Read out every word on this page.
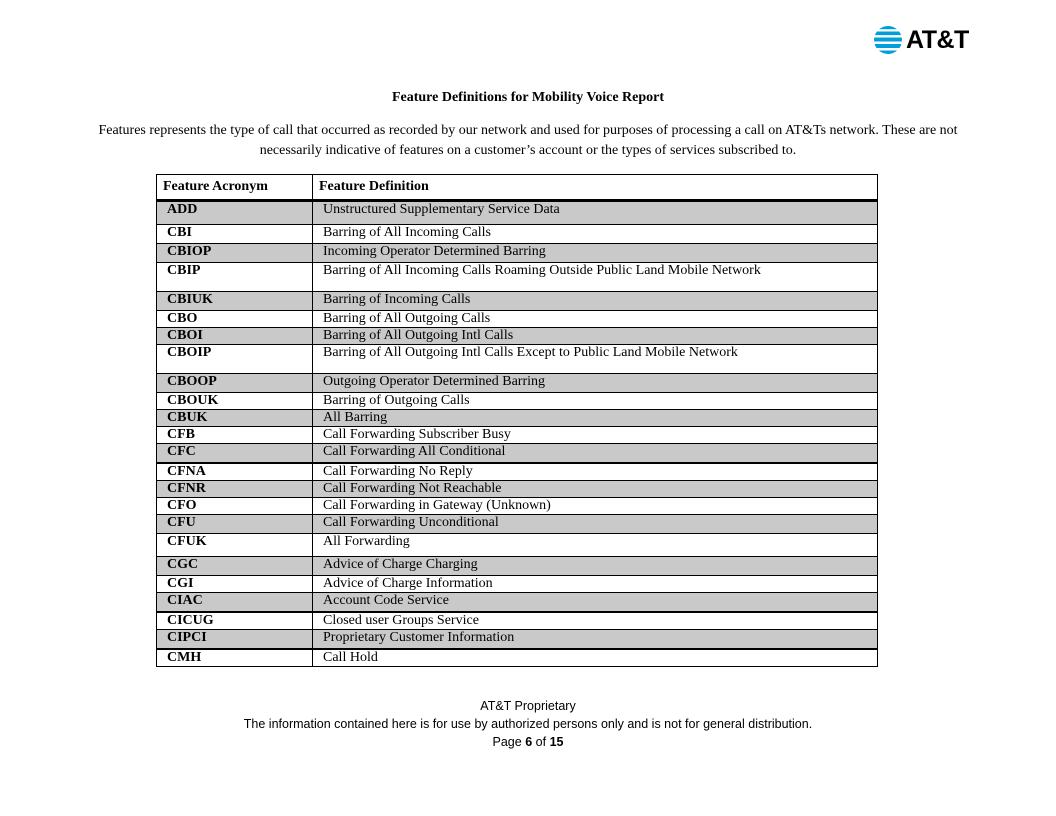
AT&T
Feature Definitions for Mobility Voice Report
Features represents the type of call that occurred as recorded by our network and used for purposes of processing a call on AT&Ts network. These are not necessarily indicative of features on a customer’s account or the types of services subscribed to.
Feature Acronym	Feature Definition
ADD	Unstructured Supplementary Service Data
CBI	Barring of All Incoming Calls
CBIOP	Incoming Operator Determined Barring
CBIP	Barring of All Incoming Calls Roaming Outside Public Land Mobile Network
CBIUK	Barring of Incoming Calls
CBO	Barring of All Outgoing Calls
CBOI	Barring of All Outgoing Intl Calls
CBOIP	Barring of All Outgoing Intl Calls Except to Public Land Mobile Network
CBOOP	Outgoing Operator Determined Barring
CBOUK	Barring of Outgoing Calls
CBUK	All Barring
CFB	Call Forwarding Subscriber Busy
CFC	Call Forwarding All Conditional
CFNA	Call Forwarding No Reply
CFNR	Call Forwarding Not Reachable
CFO	Call Forwarding in Gateway (Unknown)
CFU	Call Forwarding Unconditional
CFUK	All Forwarding
CGC	Advice of Charge Charging
CGI	Advice of Charge Information
CIAC	Account Code Service
CICUG	Closed user Groups Service
CIPCI	Proprietary Customer Information
CMH	Call Hold
AT&T Proprietary
The information contained here is for use by authorized persons only and is not for general distribution.
Page 6 of 15
